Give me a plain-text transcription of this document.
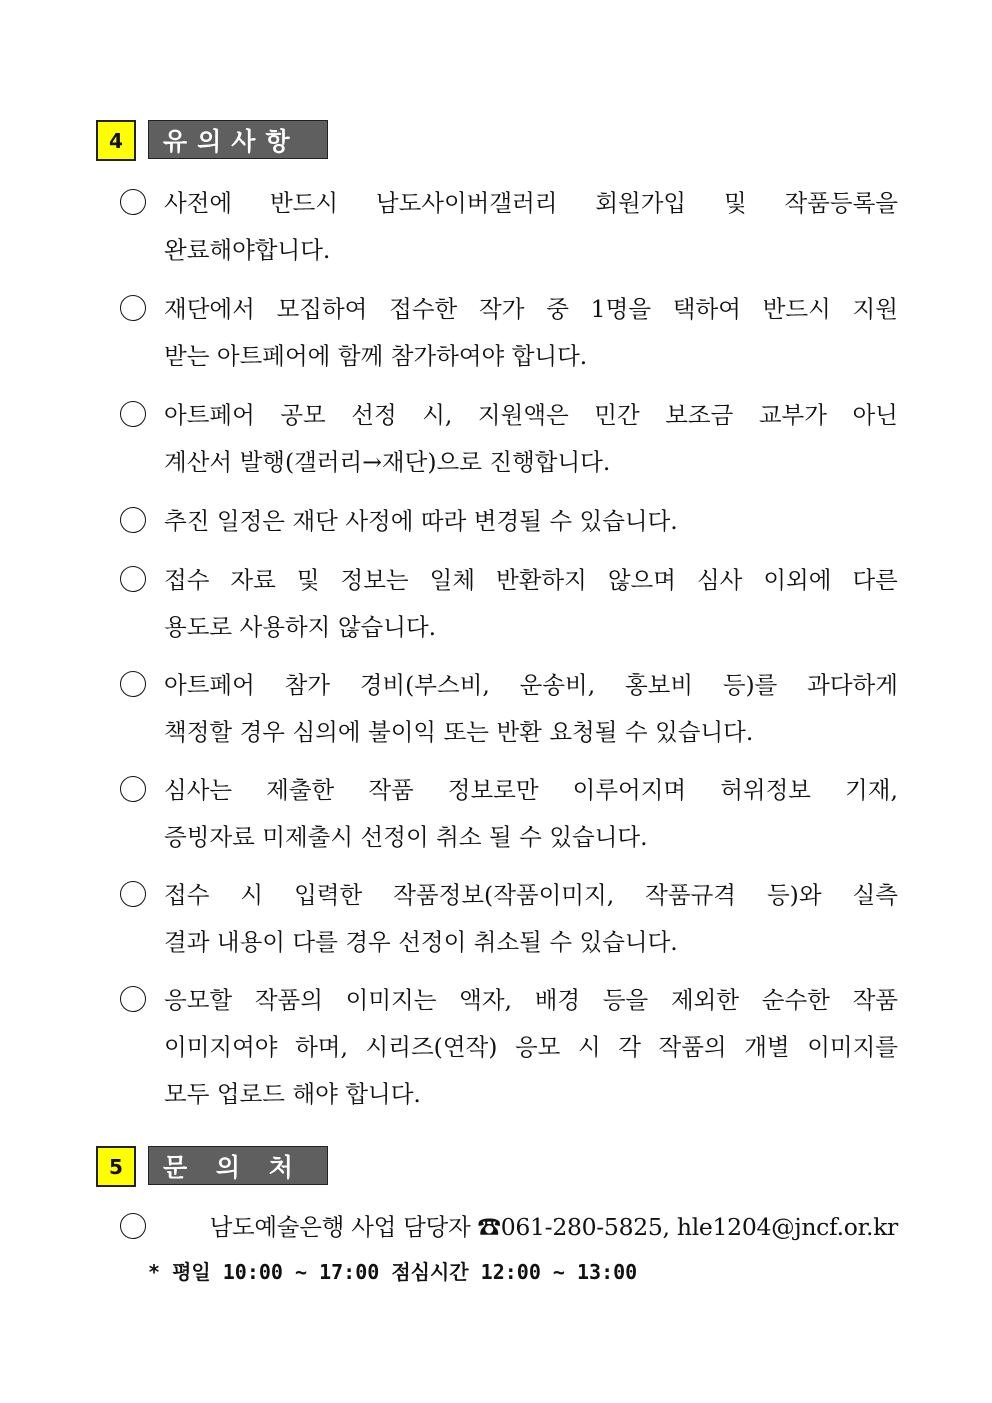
4	유의사항
사전에 반드시 남도사이버갤러리 회원가입 및 작품등록을
완료해야합니다.
재단에서 모집하여 접수한 작가 중 1명을 택하여 반드시 지원
받는 아트페어에 함께 참가하여야 합니다.
아트페어 공모 선정 시, 지원액은 민간 보조금 교부가 아닌
계산서 발행(갤러리→재단)으로 진행합니다.
추진 일정은 재단 사정에 따라 변경될 수 있습니다.
접수 자료 및 정보는 일체 반환하지 않으며 심사 이외에 다른
용도로 사용하지 않습니다.
아트페어 참가 경비(부스비, 운송비, 홍보비 등)를 과다하게
책정할 경우 심의에 불이익 또는 반환 요청될 수 있습니다.
심사는 제출한 작품 정보로만 이루어지며 허위정보 기재,
증빙자료 미제출시 선정이 취소 될 수 있습니다.
접수 시 입력한 작품정보(작품이미지, 작품규격 등)와 실측
결과 내용이 다를 경우 선정이 취소될 수 있습니다.
응모할 작품의 이미지는 액자, 배경 등을 제외한 순수한 작품
이미지여야 하며, 시리즈(연작) 응모 시 각 작품의 개별 이미지를
모두 업로드 해야 합니다.
5	문 의 처
남도예술은행 사업 담당자 ☎061-280-5825, hle1204@jncf.or.kr
* 평일 10:00 ~ 17:00 점심시간 12:00 ~ 13:00
